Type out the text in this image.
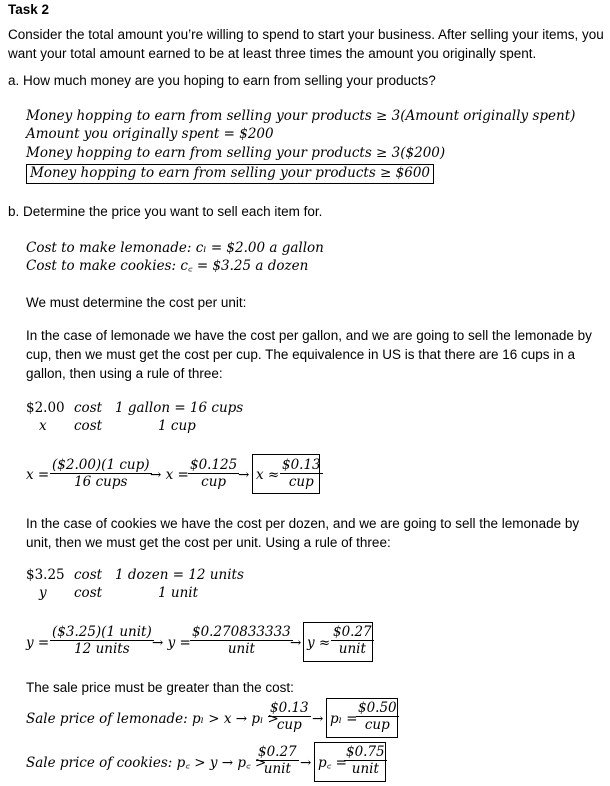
Task 2
Consider the total amount you’re willing to spend to start your business. After selling your items, you want your total amount earned to be at least three times the amount you originally spent.
a. How much money are you hoping to earn from selling your products?
Money hopping to earn from selling your products ≥ 3(Amount originally spent)
Amount you originally spent = $200
Money hopping to earn from selling your products ≥ 3($200)
Money hopping to earn from selling your products ≥ $600
b. Determine the price you want to sell each item for.
Cost to make lemonade: cₗ = $2.00 a gallon
Cost to make cookies: c꜀ = $3.25 a dozen
We must determine the cost per unit:
In the case of lemonade we have the cost per gallon, and we are going to sell the lemonade by cup, then we must get the cost per cup. The equivalence in US is that there are 16 cups in a gallon, then using a rule of three:
$2.00 cost 1 gallon = 16 cups
x cost	1 cup
x =
($2.00)(1 cup)
16 cups	→ x =
$0.125
cup → x ≈
$0.13
cup
In the case of cookies we have the cost per dozen, and we are going to sell the lemonade by unit, then we must get the cost per unit. Using a rule of three:
$3.25 cost 1 dozen = 12 units
y cost	1 unit
y =
($3.25)(1 unit)
12 units	→ y =
$0.270833333
unit	→ y ≈
$0.27
unit
The sale price must be greater than the cost:
Sale price of lemonade: pₗ > x → pₗ >
$0.13
cup → pₗ =
$0.50
cup
Sale price of cookies: p꜀ > y → p꜀ >
$0.27
unit → p꜀ =
$0.75
unit
